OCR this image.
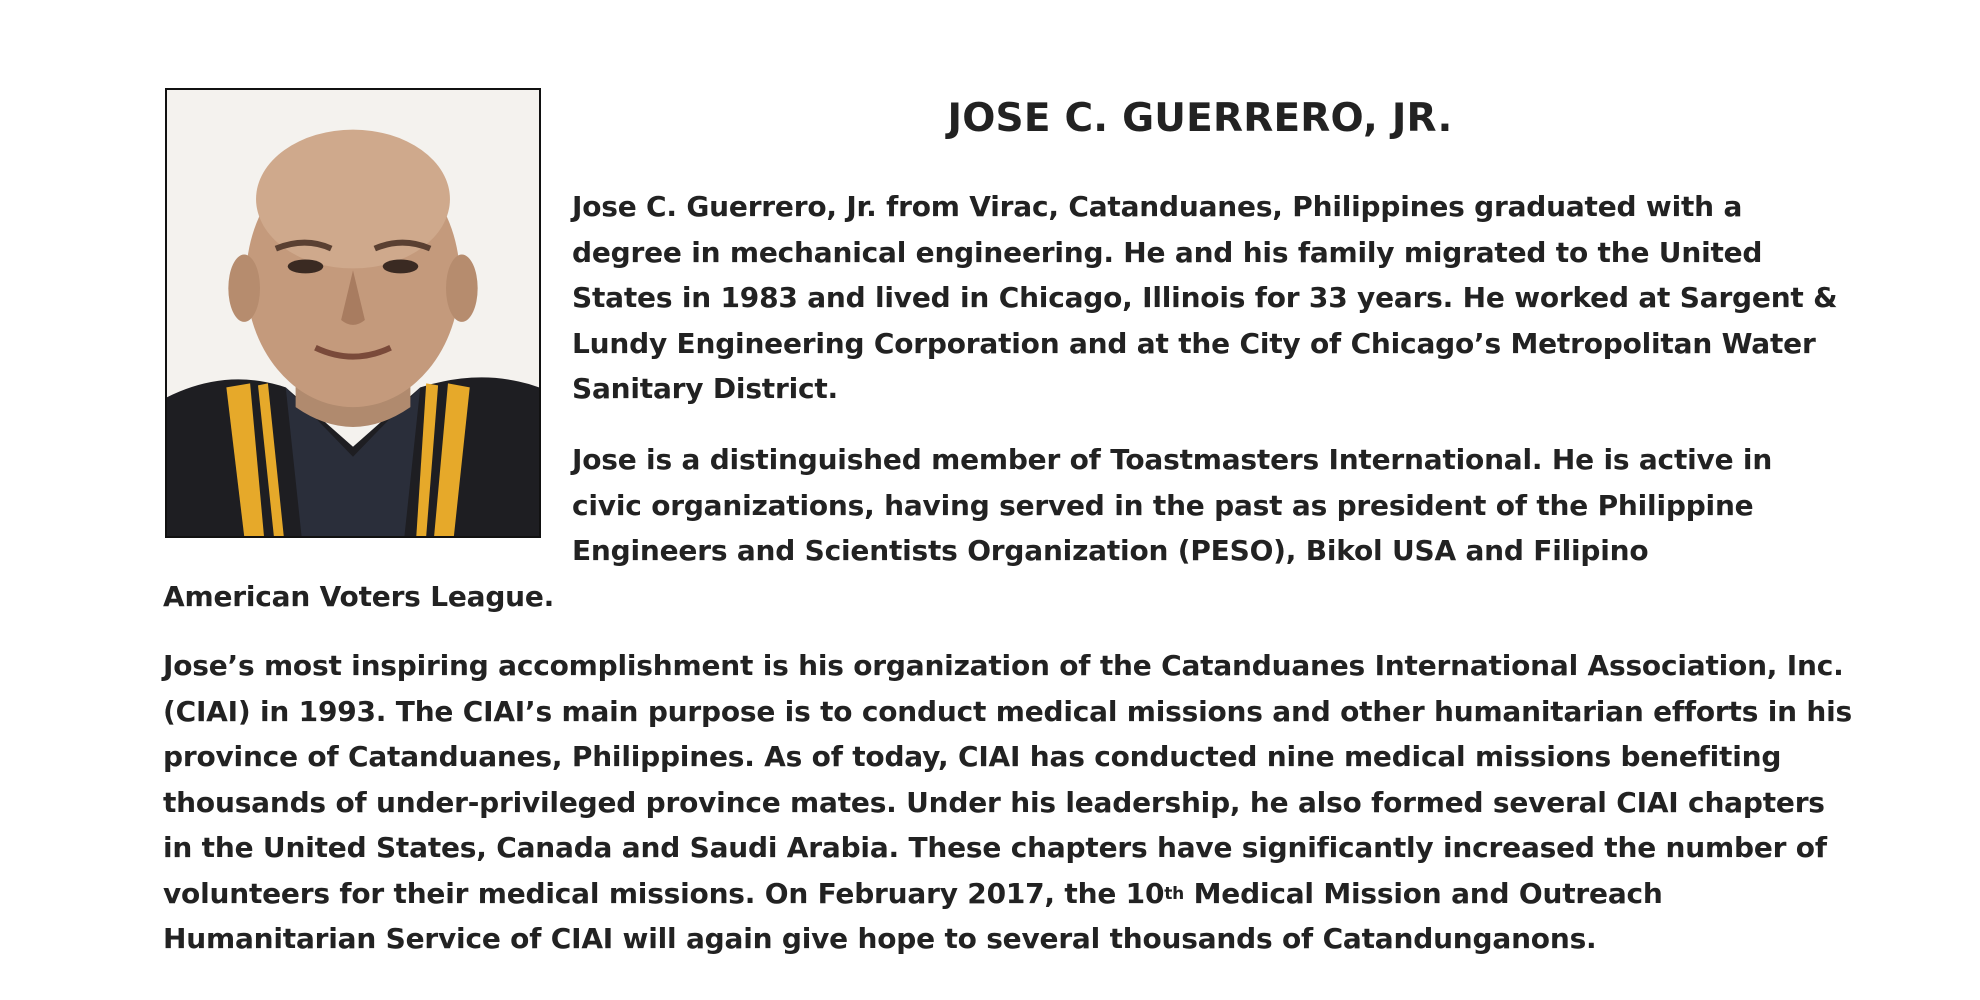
JOSE C. GUERRERO, JR.
Jose C. Guerrero, Jr. from Virac, Catanduanes, Philippines graduated with a
degree in mechanical engineering. He and his family migrated to the United
States in 1983 and lived in Chicago, Illinois for 33 years. He worked at Sargent &
Lundy Engineering Corporation and at the City of Chicago’s Metropolitan Water
Sanitary District.
Jose is a distinguished member of Toastmasters International. He is active in
civic organizations, having served in the past as president of the Philippine
Engineers and Scientists Organization (PESO), Bikol USA and Filipino
American Voters League.
Jose’s most inspiring accomplishment is his organization of the Catanduanes International Association, Inc.
(CIAI) in 1993. The CIAI’s main purpose is to conduct medical missions and other humanitarian efforts in his
province of Catanduanes, Philippines. As of today, CIAI has conducted nine medical missions benefiting
thousands of under-privileged province mates. Under his leadership, he also formed several CIAI chapters
in the United States, Canada and Saudi Arabia. These chapters have significantly increased the number of
volunteers for their medical missions. On February 2017, the 10th Medical Mission and Outreach
Humanitarian Service of CIAI will again give hope to several thousands of Catandunganons.
